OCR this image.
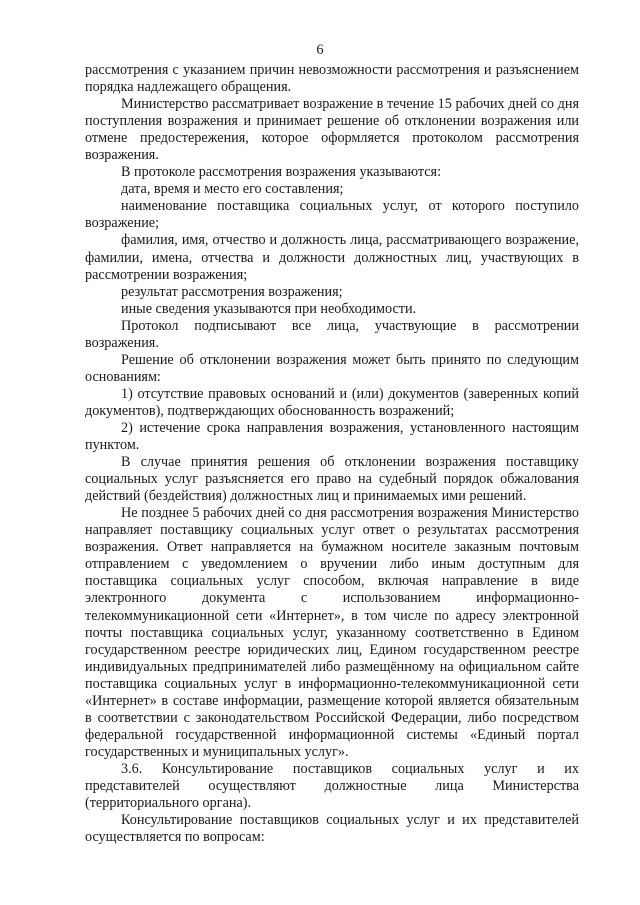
6

рассмотрения с указанием причин невозможности рассмотрения и разъяснением порядка надлежащего обращения.

Министерство рассматривает возражение в течение 15 рабочих дней со дня поступления возражения и принимает решение об отклонении возражения или отмене предостережения, которое оформляется протоколом рассмотрения возражения.

В протоколе рассмотрения возражения указываются:

дата, время и место его составления;

наименование поставщика социальных услуг, от которого поступило возражение;

фамилия, имя, отчество и должность лица, рассматривающего возражение, фамилии, имена, отчества и должности должностных лиц, участвующих в рассмотрении возражения;

результат рассмотрения возражения;

иные сведения указываются при необходимости.

Протокол подписывают все лица, участвующие в рассмотрении возражения.

Решение об отклонении возражения может быть принято по следующим основаниям:

1) отсутствие правовых оснований и (или) документов (заверенных копий документов), подтверждающих обоснованность возражений;

2) истечение срока направления возражения, установленного настоящим пунктом.

В случае принятия решения об отклонении возражения поставщику социальных услуг разъясняется его право на судебный порядок обжалования действий (бездействия) должностных лиц и принимаемых ими решений.

Не позднее 5 рабочих дней со дня рассмотрения возражения Министерство направляет поставщику социальных услуг ответ о результатах рассмотрения возражения. Ответ направляется на бумажном носителе заказным почтовым отправлением с уведомлением о вручении либо иным доступным для поставщика социальных услуг способом, включая направление в виде электронного документа с использованием информационно-телекоммуникационной сети «Интернет», в том числе по адресу электронной почты поставщика социальных услуг, указанному соответственно в Едином государственном реестре юридических лиц, Едином государственном реестре индивидуальных предпринимателей либо размещённому на официальном сайте поставщика социальных услуг в информационно-телекоммуникационной сети «Интернет» в составе информации, размещение которой является обязательным в соответствии с законодательством Российской Федерации, либо посредством федеральной государственной информационной системы «Единый портал государственных и муниципальных услуг».

3.6. Консультирование поставщиков социальных услуг и их представителей осуществляют должностные лица Министерства (территориального органа).

Консультирование поставщиков социальных услуг и их представителей осуществляется по вопросам:
